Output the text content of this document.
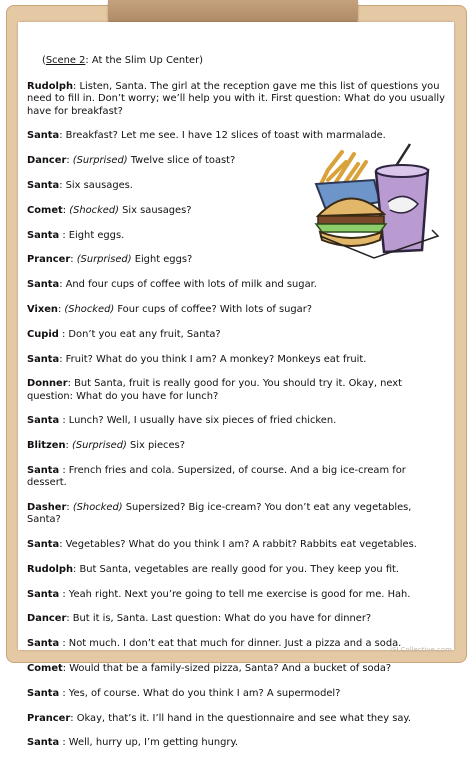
(Scene 2: At the Slim Up Center)
Rudolph: Listen, Santa. The girl at the reception gave me this list of questions you need to fill in. Don’t worry; we’ll help you with it. First question: What do you usually have for breakfast?
Santa: Breakfast? Let me see. I have 12 slices of toast with marmalade.
Dancer: (Surprised) Twelve slice of toast?
Santa: Six sausages.
Comet: (Shocked) Six sausages?
Santa : Eight eggs.
Prancer: (Surprised) Eight eggs?
Santa: And four cups of coffee with lots of milk and sugar.
Vixen: (Shocked) Four cups of coffee? With lots of sugar?
Cupid : Don’t you eat any fruit, Santa?
Santa: Fruit? What do you think I am? A monkey? Monkeys eat fruit.
Donner: But Santa, fruit is really good for you. You should try it. Okay, next question: What do you have for lunch?
Santa : Lunch? Well, I usually have six pieces of fried chicken.
Blitzen: (Surprised) Six pieces?
Santa : French fries and cola. Supersized, of course. And a big ice-cream for dessert.
Dasher: (Shocked) Supersized? Big ice-cream? You don’t eat any vegetables, Santa?
Santa: Vegetables? What do you think I am? A rabbit? Rabbits eat vegetables.
Rudolph: But Santa, vegetables are really good for you. They keep you fit.
Santa : Yeah right. Next you’re going to tell me exercise is good for me. Hah.
Dancer: But it is, Santa. Last question: What do you have for dinner?
Santa : Not much. I don’t eat that much for dinner. Just a pizza and a soda.
Comet: Would that be a family-sized pizza, Santa? And a bucket of soda?
Santa : Yes, of course. What do you think I am? A supermodel?
Prancer: Okay, that’s it. I’ll hand in the questionnaire and see what they say.
Santa : Well, hurry up, I’m getting hungry.
iSLCollective.com
